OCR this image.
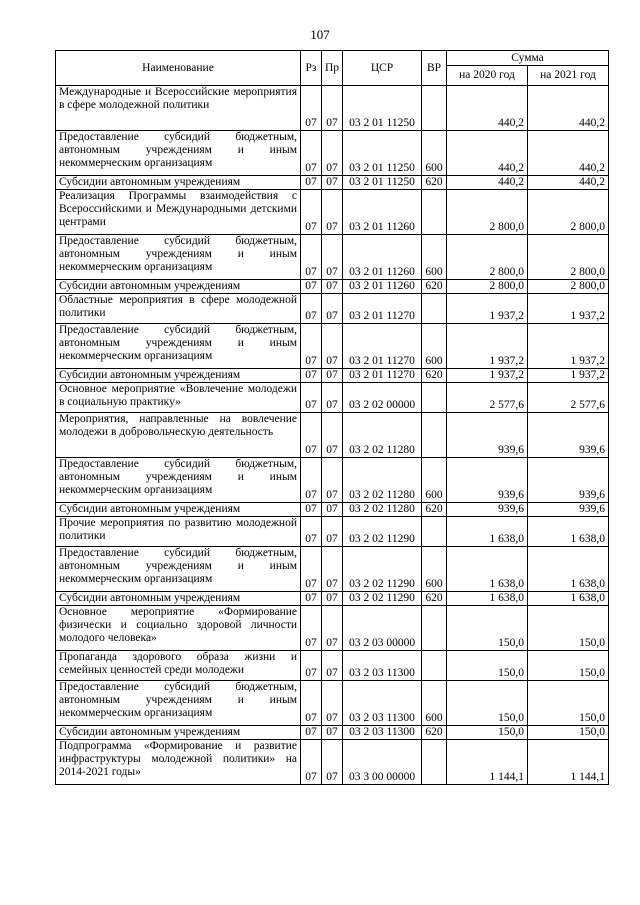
107
Наименование	Рз	Пр	ЦСР	ВР	Сумма	
					на 2020 год	на 2021 год
Международные и Всероссийские мероприятия в сфере молодежной политики	07	07	03 2 01 11250		440,2	440,2
Предоставление субсидий бюджетным, автономным учреждениям и иным некоммерческим организациям	07	07	03 2 01 11250	600	440,2	440,2
Субсидии автономным учреждениям	07	07	03 2 01 11250	620	440,2	440,2
Реализация Программы взаимодействия с Всероссийскими и Международными детскими центрами	07	07	03 2 01 11260		2 800,0	2 800,0
Предоставление субсидий бюджетным, автономным учреждениям и иным некоммерческим организациям	07	07	03 2 01 11260	600	2 800,0	2 800,0
Субсидии автономным учреждениям	07	07	03 2 01 11260	620	2 800,0	2 800,0
Областные мероприятия в сфере молодежной политики	07	07	03 2 01 11270		1 937,2	1 937,2
Предоставление субсидий бюджетным, автономным учреждениям и иным некоммерческим организациям	07	07	03 2 01 11270	600	1 937,2	1 937,2
Субсидии автономным учреждениям	07	07	03 2 01 11270	620	1 937,2	1 937,2
Основное мероприятие «Вовлечение молодежи в социальную практику»	07	07	03 2 02 00000		2 577,6	2 577,6
Мероприятия, направленные на вовлечение молодежи в добровольческую деятельность	07	07	03 2 02 11280		939,6	939,6
Предоставление субсидий бюджетным, автономным учреждениям и иным некоммерческим организациям	07	07	03 2 02 11280	600	939,6	939,6
Субсидии автономным учреждениям	07	07	03 2 02 11280	620	939,6	939,6
Прочие мероприятия по развитию молодежной политики	07	07	03 2 02 11290		1 638,0	1 638,0
Предоставление субсидий бюджетным, автономным учреждениям и иным некоммерческим организациям	07	07	03 2 02 11290	600	1 638,0	1 638,0
Субсидии автономным учреждениям	07	07	03 2 02 11290	620	1 638,0	1 638,0
Основное мероприятие «Формирование физически и социально здоровой личности молодого человека»	07	07	03 2 03 00000		150,0	150,0
Пропаганда здорового образа жизни и семейных ценностей среди молодежи	07	07	03 2 03 11300		150,0	150,0
Предоставление субсидий бюджетным, автономным учреждениям и иным некоммерческим организациям	07	07	03 2 03 11300	600	150,0	150,0
Субсидии автономным учреждениям	07	07	03 2 03 11300	620	150,0	150,0
Подпрограмма «Формирование и развитие инфраструктуры молодежной политики» на 2014-2021 годы»	07	07	03 3 00 00000		1 144,1	1 144,1
